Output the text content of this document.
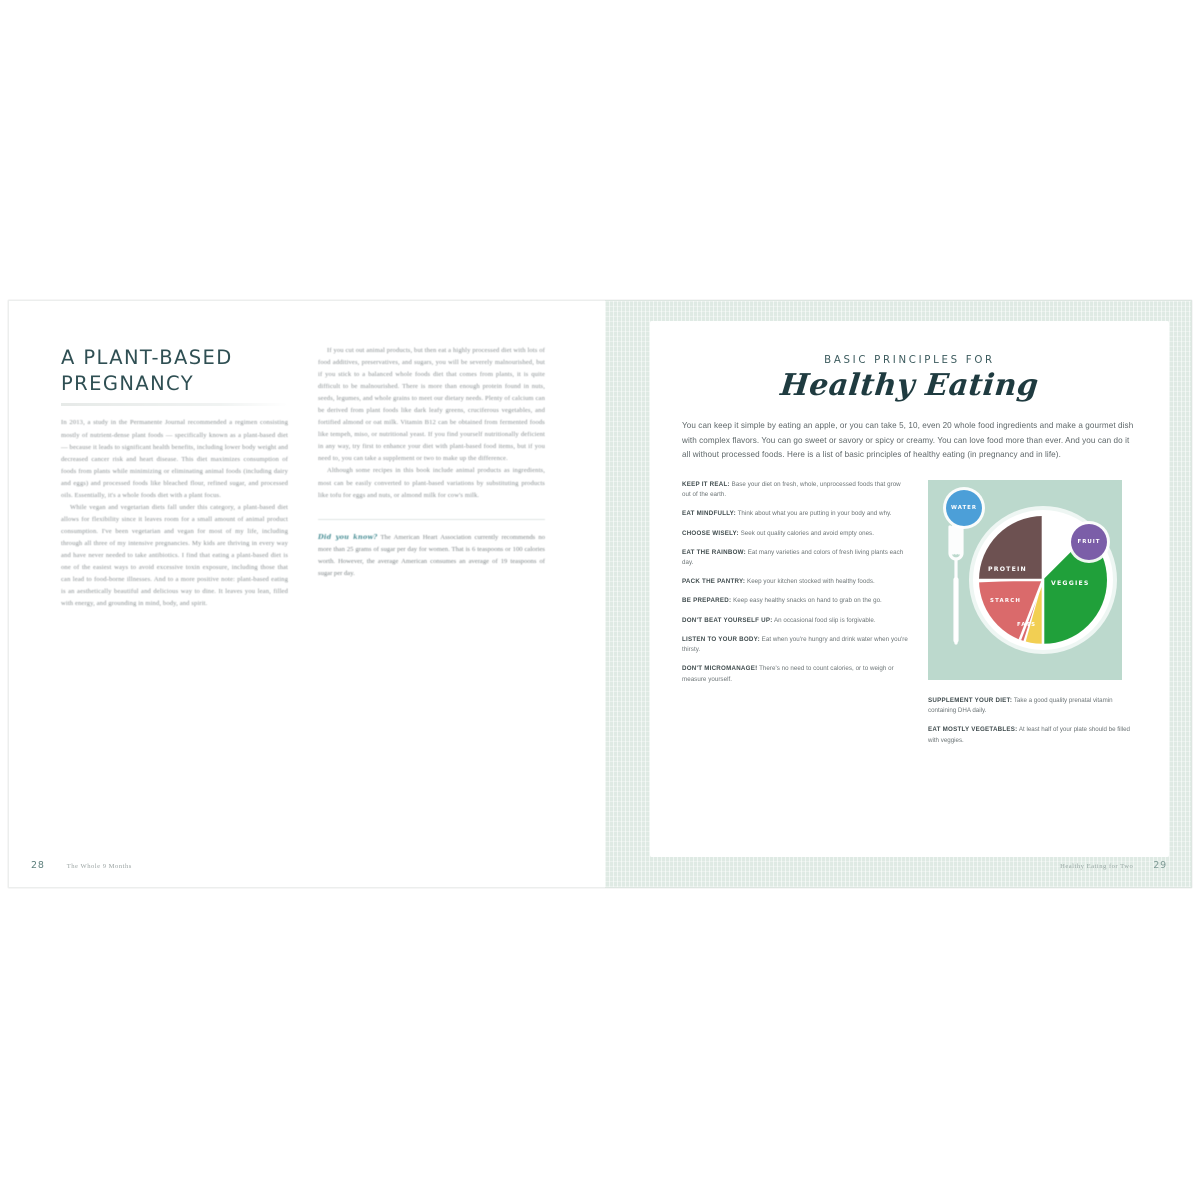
A PLANT-BASED PREGNANCY

In 2013, a study in the Permanente Journal recommended a regimen consisting mostly of nutrient-dense plant foods — specifically known as a plant-based diet — because it leads to significant health benefits, including lower body weight and decreased cancer risk and heart disease. This diet maximizes consumption of foods from plants while minimizing or eliminating animal foods (including dairy and eggs) and processed foods like bleached flour, refined sugar, and processed oils. Essentially, it's a whole foods diet with a plant focus.

While vegan and vegetarian diets fall under this category, a plant-based diet allows for flexibility since it leaves room for a small amount of animal product consumption. I've been vegetarian and vegan for most of my life, including through all three of my intensive pregnancies. My kids are thriving in every way and have never needed to take antibiotics. I find that eating a plant-based diet is one of the easiest ways to avoid excessive toxin exposure, including those that can lead to food-borne illnesses. And to a more positive note: plant-based eating is an aesthetically beautiful and delicious way to dine. It leaves you lean, filled with energy, and grounding in mind, body, and spirit.

If you cut out animal products, but then eat a highly processed diet with lots of food additives, preservatives, and sugars, you will be severely malnourished, but if you stick to a balanced whole foods diet that comes from plants, it is quite difficult to be malnourished. There is more than enough protein found in nuts, seeds, legumes, and whole grains to meet our dietary needs. Plenty of calcium can be derived from plant foods like dark leafy greens, cruciferous vegetables, and fortified almond or oat milk. Vitamin B12 can be obtained from fermented foods like tempeh, miso, or nutritional yeast. If you find yourself nutritionally deficient in any way, try first to enhance your diet with plant-based food items, but if you need to, you can take a supplement or two to make up the difference.

Although some recipes in this book include animal products as ingredients, most can be easily converted to plant-based variations by substituting products like tofu for eggs and nuts, or almond milk for cow's milk.

Did you know? The American Heart Association currently recommends no more than 25 grams of sugar per day for women. That is 6 teaspoons or 100 calories worth. However, the average American consumes an average of 19 teaspoons of sugar per day.
28	The Whole 9 Months
BASIC PRINCIPLES FOR
Healthy Eating
You can keep it simple by eating an apple, or you can take 5, 10, even 20 whole food ingredients and make a gourmet dish with complex flavors. You can go sweet or savory or spicy or creamy. You can love food more than ever. And you can do it all without processed foods. Here is a list of basic principles of healthy eating (in pregnancy and in life).
KEEP IT REAL: Base your diet on fresh, whole, unprocessed foods that grow out of the earth.
EAT MINDFULLY: Think about what you are putting in your body and why.
CHOOSE WISELY: Seek out quality calories and avoid empty ones.
EAT THE RAINBOW: Eat many varieties and colors of fresh living plants each day.
PACK THE PANTRY: Keep your kitchen stocked with healthy foods.
BE PREPARED: Keep easy healthy snacks on hand to grab on the go.
DON'T BEAT YOURSELF UP: An occasional food slip is forgivable.
LISTEN TO YOUR BODY: Eat when you're hungry and drink water when you're thirsty.
DON'T MICROMANAGE! There's no need to count calories, or to weigh or measure yourself.
PROTEIN
VEGGIES
STARCH
FATS
WATER
FRUIT
SUPPLEMENT YOUR DIET: Take a good quality prenatal vitamin containing DHA daily.
EAT MOSTLY VEGETABLES: At least half of your plate should be filled with veggies.
Healthy Eating for Two 29
